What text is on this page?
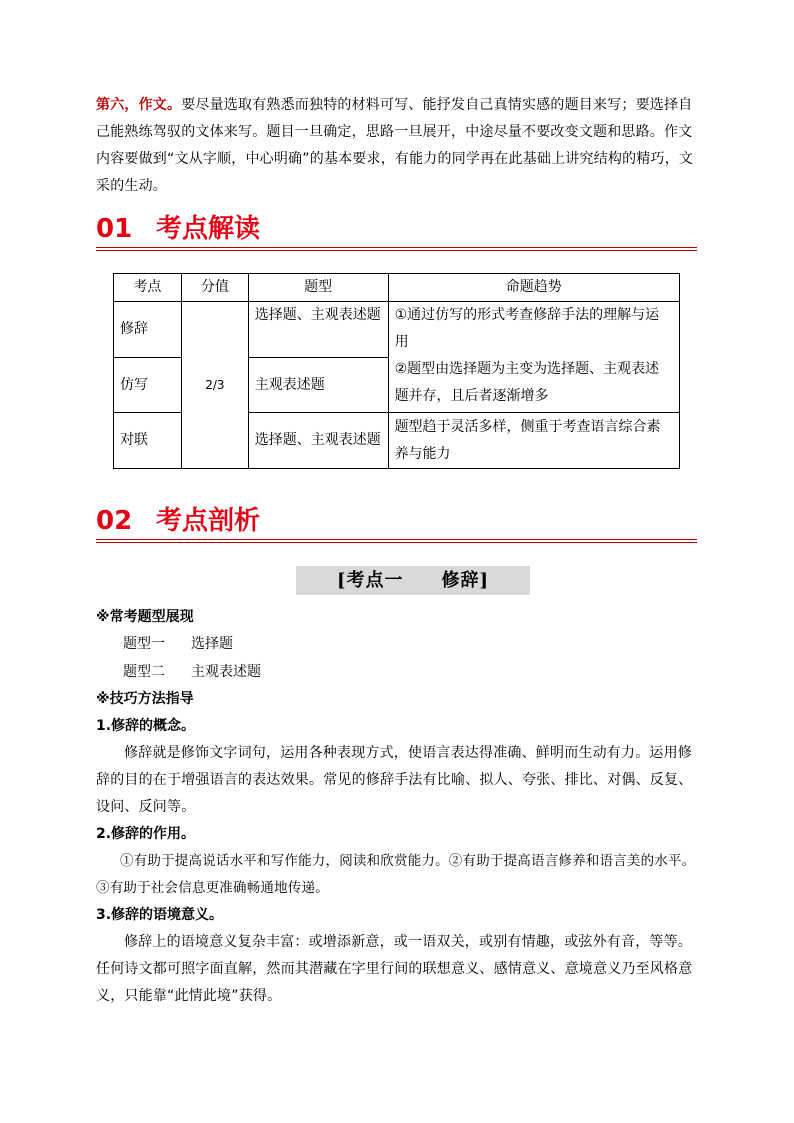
第六，作文。要尽量选取有熟悉而独特的材料可写、能抒发自己真情实感的题目来写；要选择自己能熟练驾驭的文体来写。题目一旦确定，思路一旦展开，中途尽量不要改变文题和思路。作文内容要做到“文从字顺，中心明确”的基本要求，有能力的同学再在此基础上讲究结构的精巧，文采的生动。
01 考点解读
考点	分值	题型	命题趋势
修辞	2/3	选择题、主观表述题	①通过仿写的形式考查修辞手法的理解与运用
②题型由选择题为主变为选择题、主观表述题并存，且后者逐渐增多

仿写		主观表述题	
对联		选择题、主观表述题	题型趋于灵活多样，侧重于考查语言综合素养与能力
02 考点剖析
[考点一　　修辞]
※常考题型展现
题型一 选择题
题型二 主观表述题
※技巧方法指导
1.修辞的概念。
修辞就是修饰文字词句，运用各种表现方式，使语言表达得准确、鲜明而生动有力。运用修辞的目的在于增强语言的表达效果。常见的修辞手法有比喻、拟人、夸张、排比、对偶、反复、设问、反问等。
2.修辞的作用。
①有助于提高说话水平和写作能力，阅读和欣赏能力。②有助于提高语言修养和语言美的水平。③有助于社会信息更准确畅通地传递。
3.修辞的语境意义。
修辞上的语境意义复杂丰富：或增添新意，或一语双关，或别有情趣，或弦外有音，等等。任何诗文都可照字面直解，然而其潜藏在字里行间的联想意义、感情意义、意境意义乃至风格意义，只能靠“此情此境”获得。
